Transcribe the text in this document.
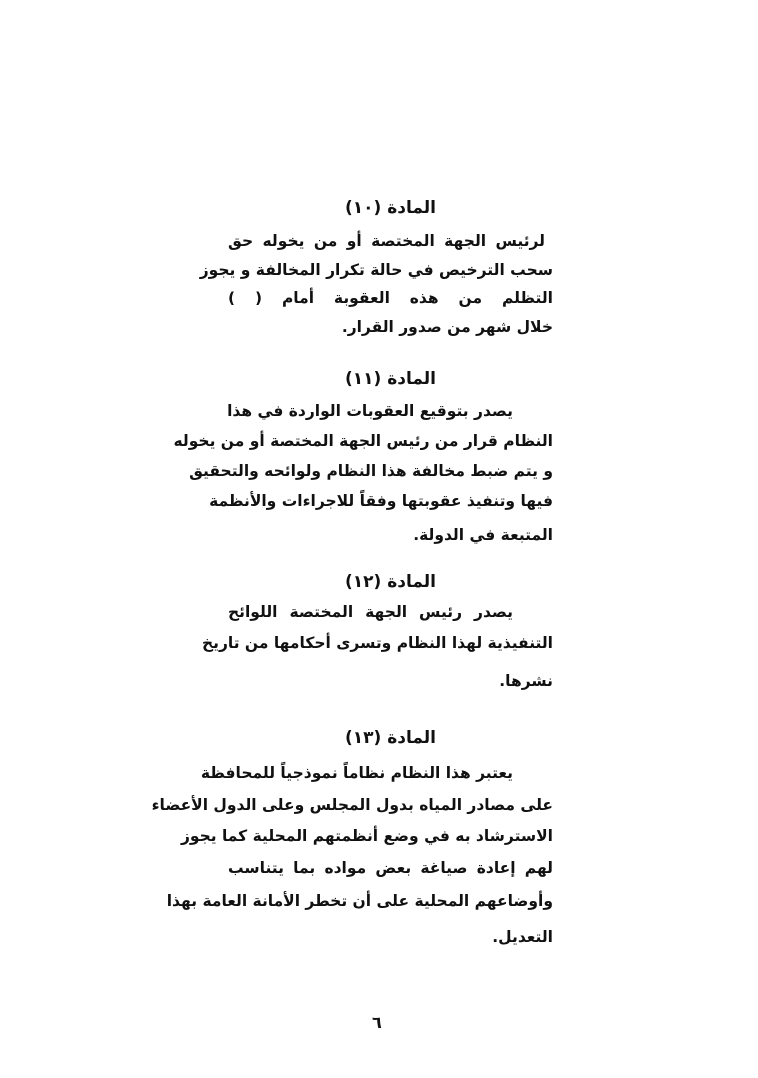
المادة (١٠)
لرئيس الجهة المختصة أو من يخوله حق
سحب الترخيص في حالة تكرار المخالفة و يجوز
التظلم من هذه العقوبة أمام ( )
خلال شهر من صدور القرار.
المادة (١١)
يصدر بتوقيع العقوبات الواردة في هذا
النظام قرار من رئيس الجهة المختصة أو من يخوله
و يتم ضبط مخالفة هذا النظام ولوائحه والتحقيق
فيها وتنفيذ عقوبتها وفقاً للاجراءات والأنظمة
المتبعة في الدولة.
المادة (١٢)
يصدر رئيس الجهة المختصة اللوائح
التنفيذية لهذا النظام وتسرى أحكامها من تاريخ
نشرها.
المادة (١٣)
يعتبر هذا النظام نظاماً نموذجياً للمحافظة
على مصادر المياه بدول المجلس وعلى الدول الأعضاء
الاسترشاد به في وضع أنظمتهم المحلية كما يجوز
لهم إعادة صياغة بعض مواده بما يتناسب
وأوضاعهم المحلية على أن تخطر الأمانة العامة بهذا
التعديل.
٦
